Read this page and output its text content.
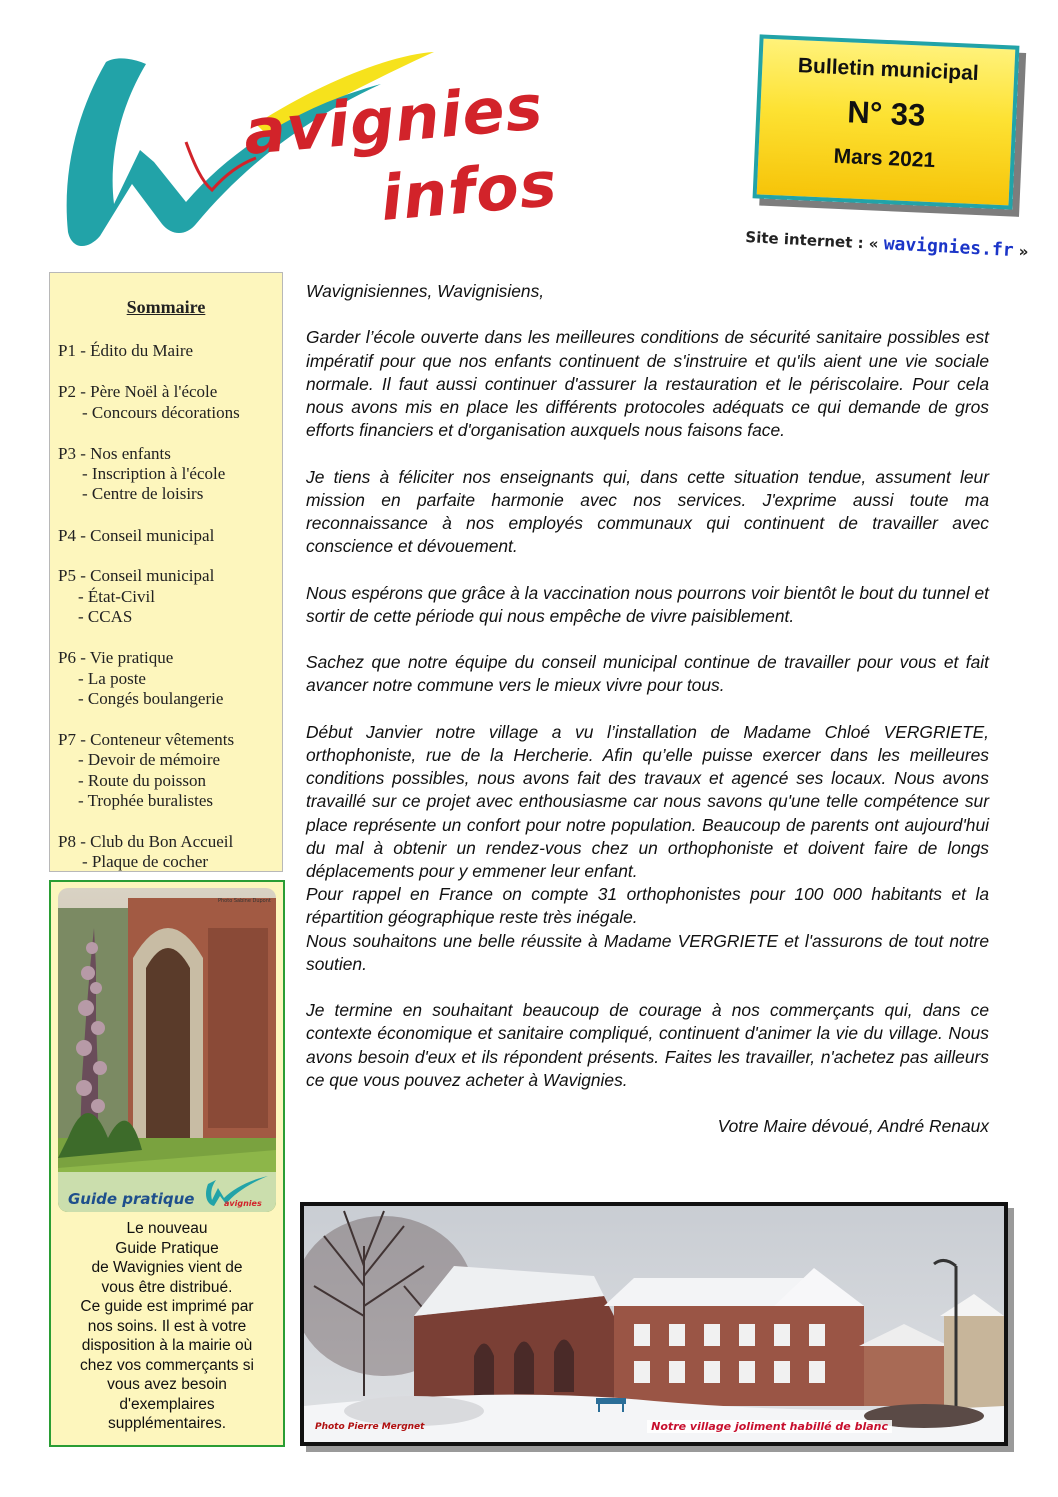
avignies
infos
Bulletin municipal
N° 33
Mars 2021
Site internet : « wavignies.fr »
Sommaire
P1 - Édito du Maire
P2 - Père Noël à l'école
- Concours décorations
P3 - Nos enfants
- Inscription à l'école
- Centre de loisirs
P4 - Conseil municipal
P5 - Conseil municipal
- État-Civil
- CCAS
P6 - Vie pratique
- La poste
- Congés boulangerie
P7 - Conteneur vêtements
- Devoir de mémoire
- Route du poisson
- Trophée buralistes
P8 - Club du Bon Accueil
- Plaque de cocher
Guide pratique	avignies
Photo Sabine Dupont
Le nouveau
Guide Pratique
de Wavignies vient de
vous être distribué.
Ce guide est imprimé par
nos soins. Il est à votre
disposition à la mairie où
chez vos commerçants si
vous avez besoin
d'exemplaires
supplémentaires.

Wavignisiennes, Wavignisiens,

Garder l’école ouverte dans les meilleures conditions de sécurité sanitaire possibles est impératif pour que nos enfants continuent de s'instruire et qu'ils aient une vie sociale normale. Il faut aussi continuer d'assurer la restauration et le périscolaire. Pour cela nous avons mis en place les différents protocoles adéquats ce qui demande de gros efforts financiers et d'organisation auxquels nous faisons face.

Je tiens à féliciter nos enseignants qui, dans cette situation tendue, assument leur mission en parfaite harmonie avec nos services. J'exprime aussi toute ma reconnaissance à nos employés communaux qui continuent de travailler avec conscience et dévouement.

Nous espérons que grâce à la vaccination nous pourrons voir bientôt le bout du tunnel et sortir de cette période qui nous empêche de vivre paisiblement.

Sachez que notre équipe du conseil municipal continue de travailler pour vous et fait avancer notre commune vers le mieux vivre pour tous.

Début Janvier notre village a vu l’installation de Madame Chloé VERGRIETE, orthophoniste, rue de la Hercherie. Afin qu’elle puisse exercer dans les meilleures conditions possibles, nous avons fait des travaux et agencé ses locaux. Nous avons travaillé sur ce projet avec enthousiasme car nous savons qu'une telle compétence sur place représente un confort pour notre population. Beaucoup de parents ont aujourd'hui du mal à obtenir un rendez-vous chez un orthophoniste et doivent faire de longs déplacements pour y emmener leur enfant.

Pour rappel en France on compte 31 orthophonistes pour 100 000 habitants et la répartition géographique reste très inégale.

Nous souhaitons une belle réussite à Madame VERGRIETE et l'assurons de tout notre soutien.

Je termine en souhaitant beaucoup de courage à nos commerçants qui, dans ce contexte économique et sanitaire compliqué, continuent d'animer la vie du village. Nous avons besoin d'eux et ils répondent présents. Faites les travailler, n'achetez pas ailleurs ce que vous pouvez acheter à Wavignies.

Votre Maire dévoué, André Renaux

Photo Pierre Mergnet	Notre village joliment habillé de blanc
